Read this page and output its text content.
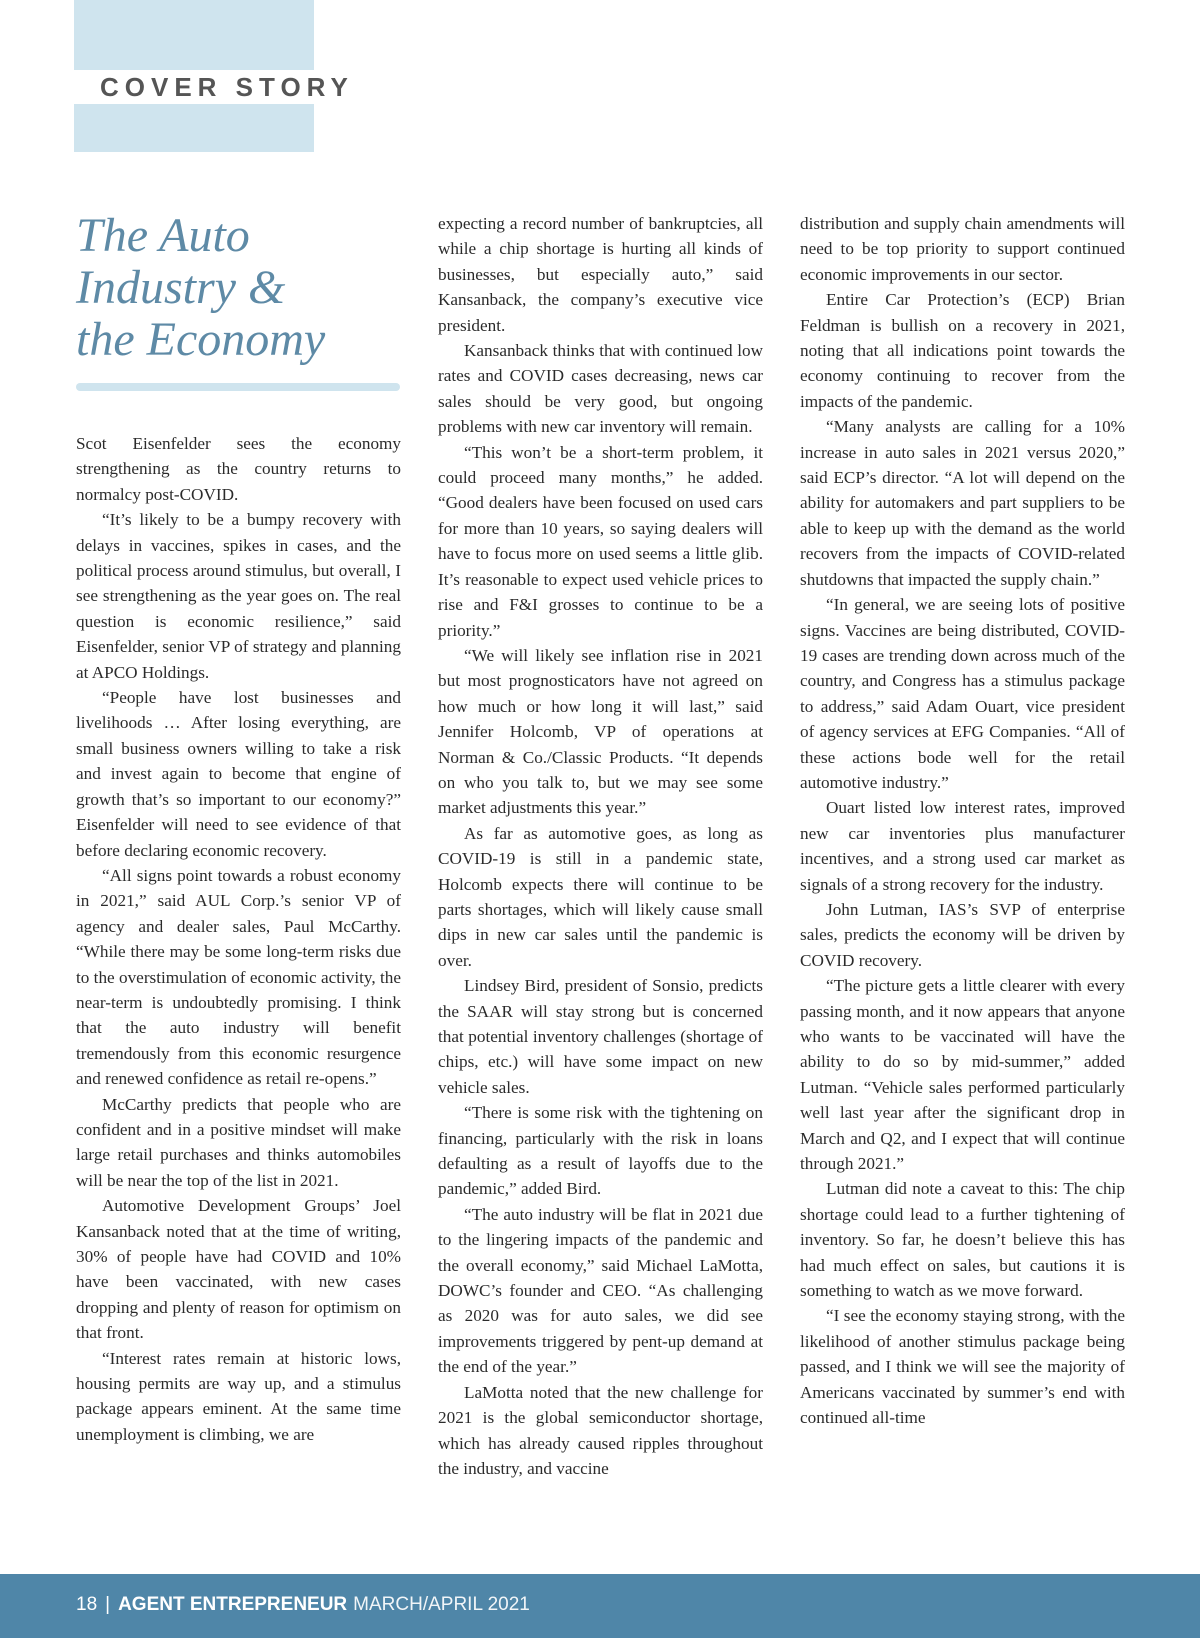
COVER STORY
The Auto
Industry &
the Economy

Scot Eisenfelder sees the economy strengthening as the country returns to normalcy post-COVID.

“It’s likely to be a bumpy recovery with delays in vaccines, spikes in cases, and the political process around stimulus, but overall, I see strengthening as the year goes on. The real question is economic resilience,” said Eisenfelder, senior VP of strategy and planning at APCO Holdings.

“People have lost businesses and livelihoods … After losing everything, are small business owners willing to take a risk and invest again to become that engine of growth that’s so important to our economy?” Eisenfelder will need to see evidence of that before declaring economic recovery.

“All signs point towards a robust economy in 2021,” said AUL Corp.’s senior VP of agency and dealer sales, Paul McCarthy. “While there may be some long-term risks due to the overstimulation of economic activity, the near-term is undoubtedly promising. I think that the auto industry will benefit tremendously from this economic resurgence and renewed confidence as retail re-opens.”

McCarthy predicts that people who are confident and in a positive mindset will make large retail purchases and thinks automobiles will be near the top of the list in 2021.

Automotive Development Groups’ Joel Kansanback noted that at the time of writing, 30% of people have had COVID and 10% have been vaccinated, with new cases dropping and plenty of reason for optimism on that front.

“Interest rates remain at historic lows, housing permits are way up, and a stimulus package appears eminent. At the same time unemployment is climbing, we are

expecting a record number of bankruptcies, all while a chip shortage is hurting all kinds of businesses, but especially auto,” said Kansanback, the company’s executive vice president.

Kansanback thinks that with continued low rates and COVID cases decreasing, news car sales should be very good, but ongoing problems with new car inventory will remain.

“This won’t be a short-term problem, it could proceed many months,” he added. “Good dealers have been focused on used cars for more than 10 years, so saying dealers will have to focus more on used seems a little glib. It’s reasonable to expect used vehicle prices to rise and F&I grosses to continue to be a priority.”

“We will likely see inflation rise in 2021 but most prognosticators have not agreed on how much or how long it will last,” said Jennifer Holcomb, VP of operations at Norman & Co./Classic Products. “It depends on who you talk to, but we may see some market adjustments this year.”

As far as automotive goes, as long as COVID-19 is still in a pandemic state, Holcomb expects there will continue to be parts shortages, which will likely cause small dips in new car sales until the pandemic is over.

Lindsey Bird, president of Sonsio, predicts the SAAR will stay strong but is concerned that potential inventory challenges (shortage of chips, etc.) will have some impact on new vehicle sales.

“There is some risk with the tightening on financing, particularly with the risk in loans defaulting as a result of layoffs due to the pandemic,” added Bird.

“The auto industry will be flat in 2021 due to the lingering impacts of the pandemic and the overall economy,” said Michael LaMotta, DOWC’s founder and CEO. “As challenging as 2020 was for auto sales, we did see improvements triggered by pent-up demand at the end of the year.”

LaMotta noted that the new challenge for 2021 is the global semiconductor shortage, which has already caused ripples throughout the industry, and vaccine

distribution and supply chain amendments will need to be top priority to support continued economic improvements in our sector.

Entire Car Protection’s (ECP) Brian Feldman is bullish on a recovery in 2021, noting that all indications point towards the economy continuing to recover from the impacts of the pandemic.

“Many analysts are calling for a 10% increase in auto sales in 2021 versus 2020,” said ECP’s director. “A lot will depend on the ability for automakers and part suppliers to be able to keep up with the demand as the world recovers from the impacts of COVID-related shutdowns that impacted the supply chain.”

“In general, we are seeing lots of positive signs. Vaccines are being distributed, COVID-19 cases are trending down across much of the country, and Congress has a stimulus package to address,” said Adam Ouart, vice president of agency services at EFG Companies. “All of these actions bode well for the retail automotive industry.”

Ouart listed low interest rates, improved new car inventories plus manufacturer incentives, and a strong used car market as signals of a strong recovery for the industry.

John Lutman, IAS’s SVP of enterprise sales, predicts the economy will be driven by COVID recovery.

“The picture gets a little clearer with every passing month, and it now appears that anyone who wants to be vaccinated will have the ability to do so by mid-summer,” added Lutman. “Vehicle sales performed particularly well last year after the significant drop in March and Q2, and I expect that will continue through 2021.”

Lutman did note a caveat to this: The chip shortage could lead to a further tightening of inventory. So far, he doesn’t believe this has had much effect on sales, but cautions it is something to watch as we move forward.

“I see the economy staying strong, with the likelihood of another stimulus package being passed, and I think we will see the majority of Americans vaccinated by summer’s end with continued all-time

18 | AGENT ENTREPRENEUR MARCH/APRIL 2021
